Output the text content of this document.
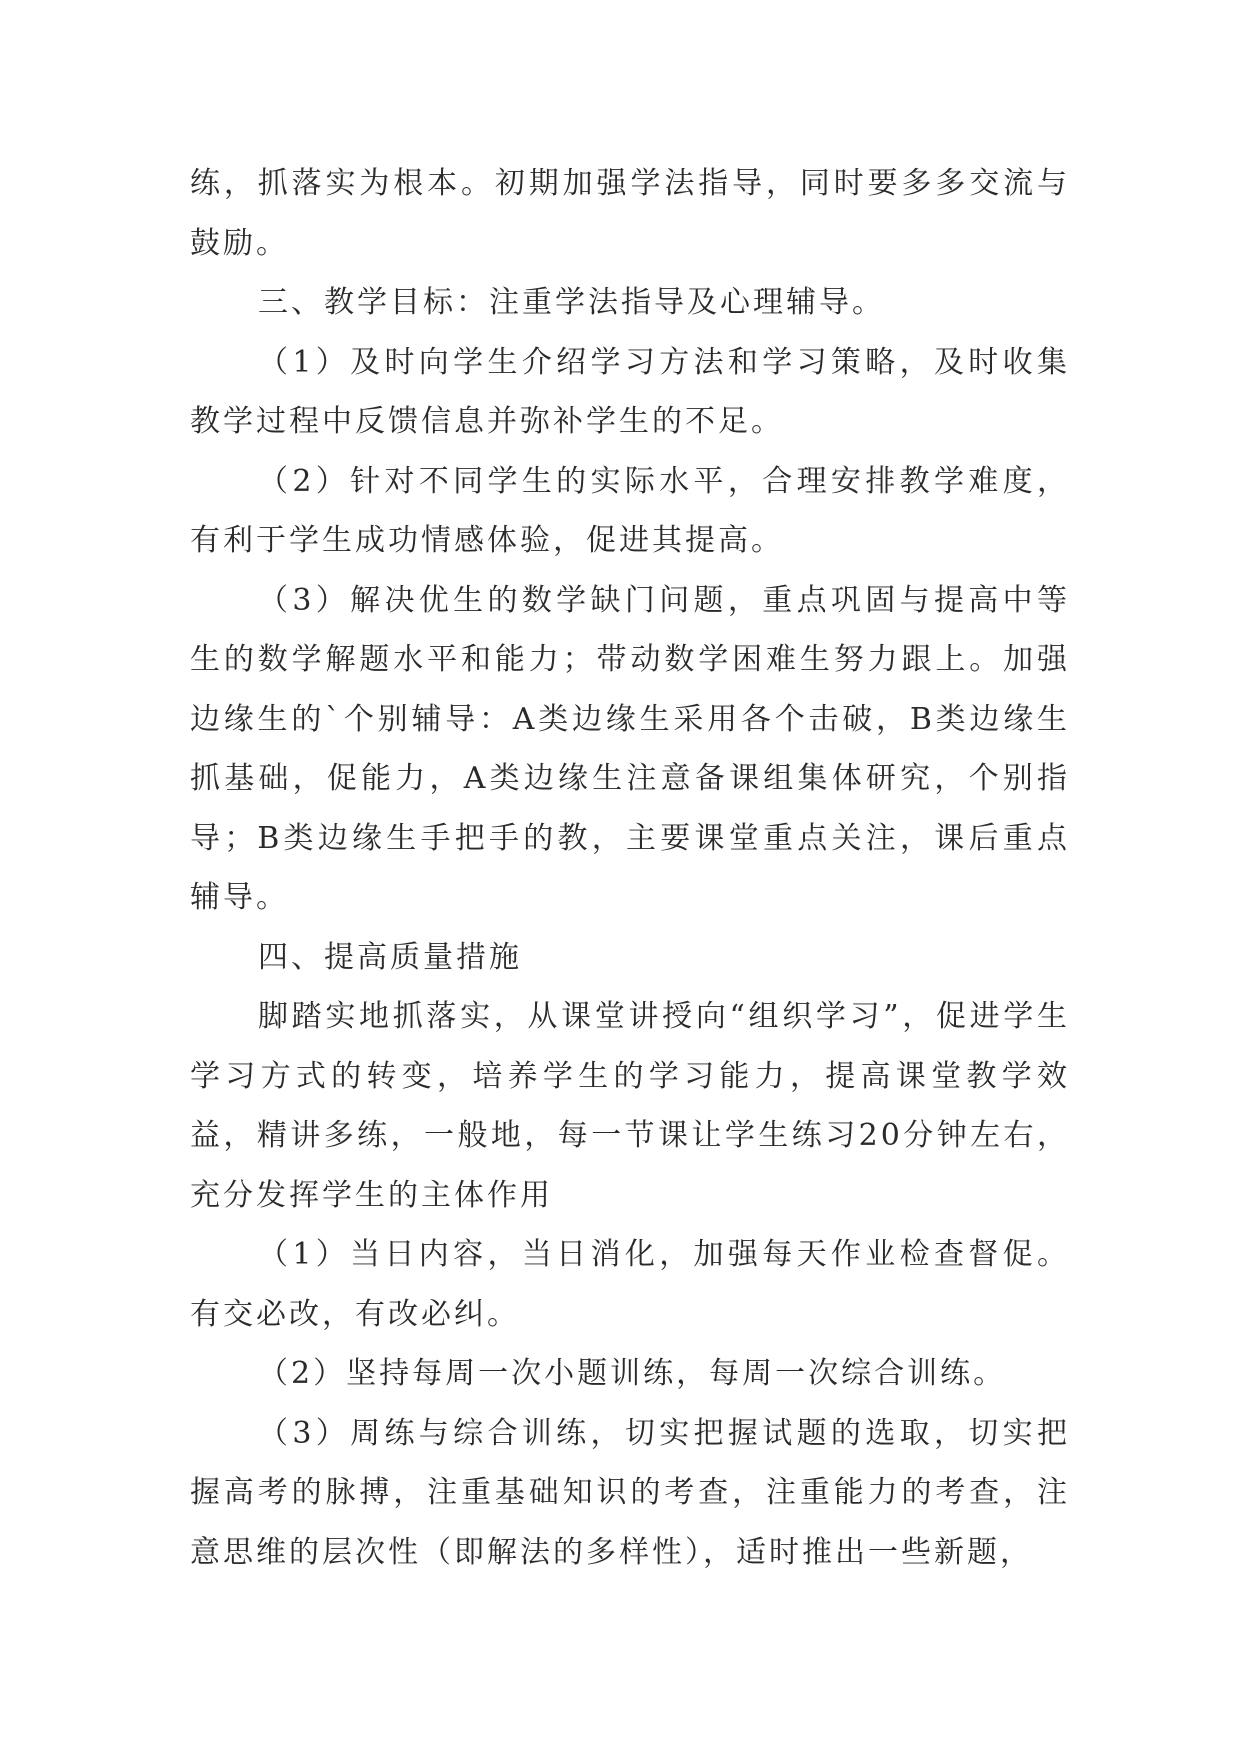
练，抓落实为根本。初期加强学法指导，同时要多多交流与鼓励。

三、教学目标：注重学法指导及心理辅导。

（1）及时向学生介绍学习方法和学习策略，及时收集教学过程中反馈信息并弥补学生的不足。

（2）针对不同学生的实际水平，合理安排教学难度，有利于学生成功情感体验，促进其提高。

（3）解决优生的数学缺门问题，重点巩固与提高中等生的数学解题水平和能力；带动数学困难生努力跟上。加强边缘生的`个别辅导：A类边缘生采用各个击破，B类边缘生抓基础，促能力，A类边缘生注意备课组集体研究，个别指导；B类边缘生手把手的教，主要课堂重点关注，课后重点辅导。

四、提高质量措施

脚踏实地抓落实，从课堂讲授向“组织学习”，促进学生学习方式的转变，培养学生的学习能力，提高课堂教学效益，精讲多练，一般地，每一节课让学生练习20分钟左右，充分发挥学生的主体作用

（1）当日内容，当日消化，加强每天作业检查督促。有交必改，有改必纠。

（2）坚持每周一次小题训练，每周一次综合训练。

（3）周练与综合训练，切实把握试题的选取，切实把握高考的脉搏，注重基础知识的考查，注重能力的考查，注意思维的层次性（即解法的多样性），适时推出一些新题，
